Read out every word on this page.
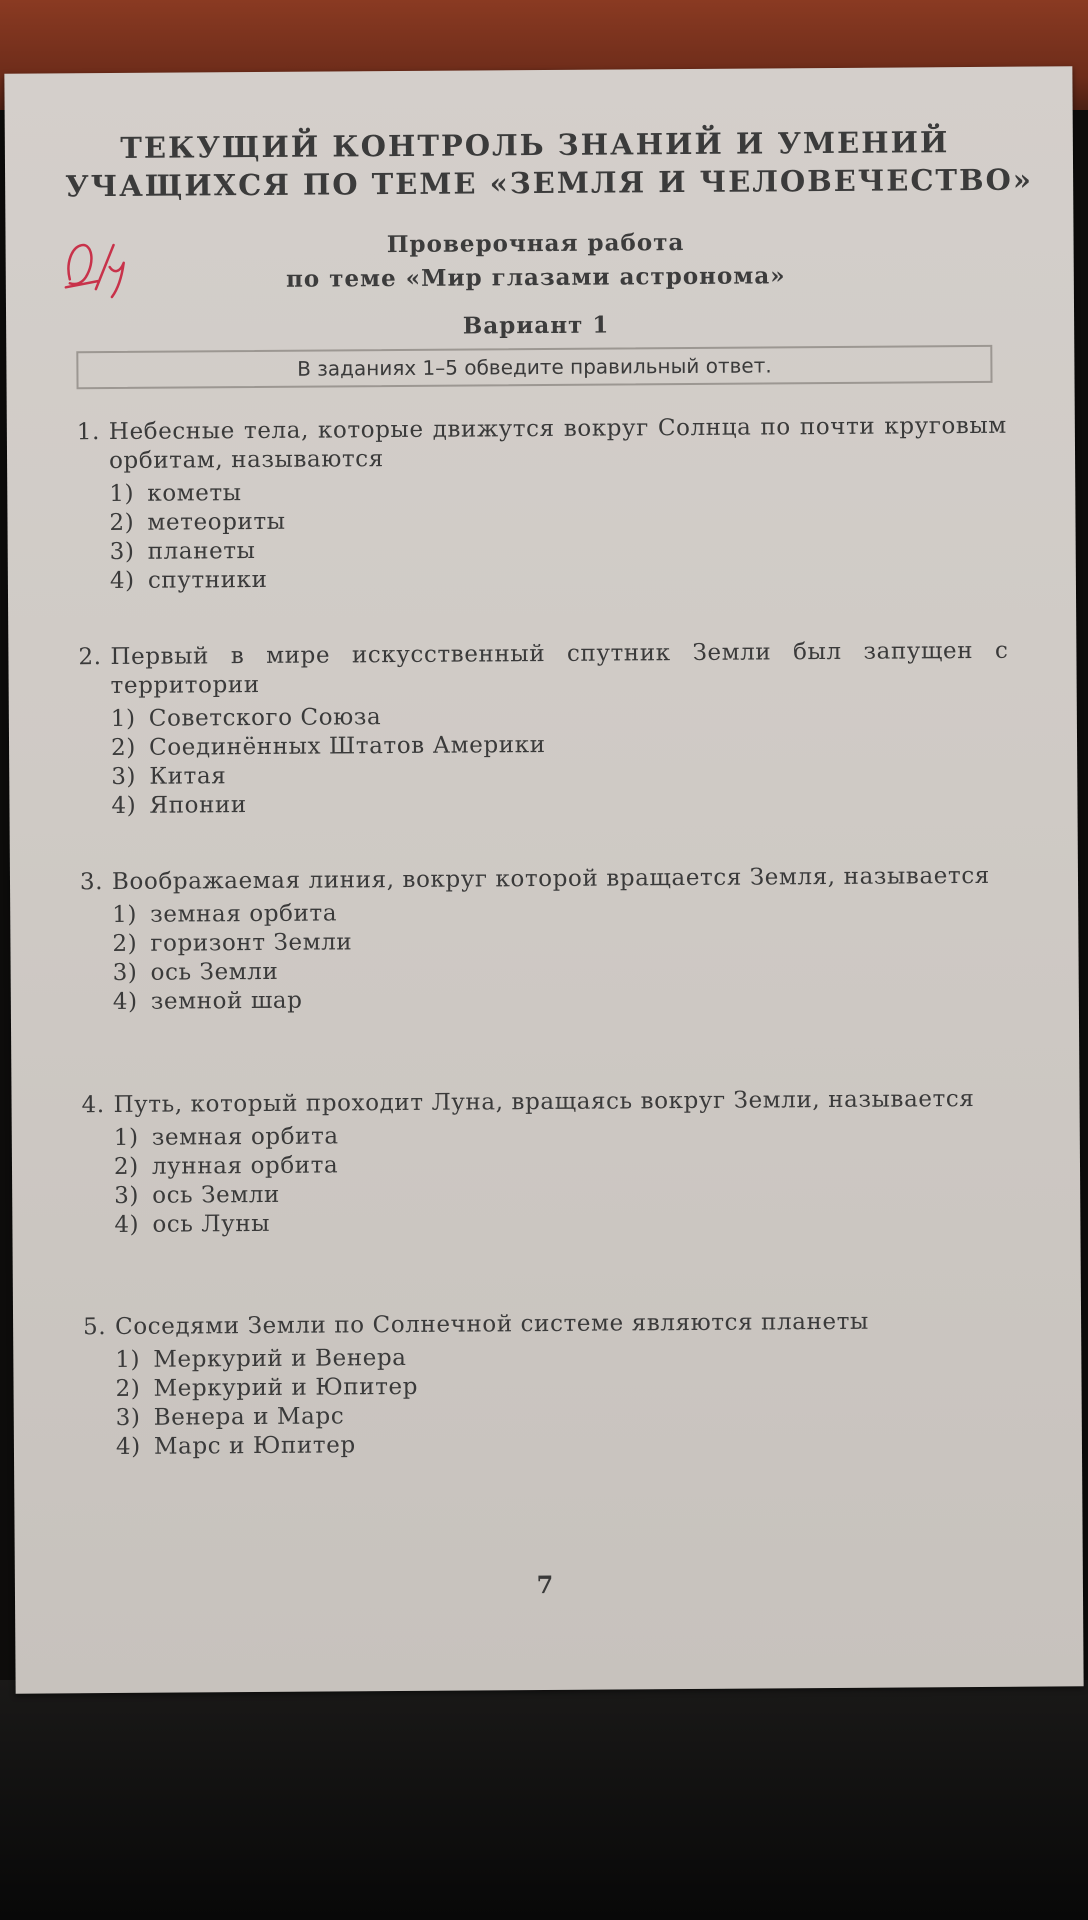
ТЕКУЩИЙ КОНТРОЛЬ ЗНАНИЙ И УМЕНИЙ
УЧАЩИХСЯ ПО ТЕМЕ «ЗЕМЛЯ И ЧЕЛОВЕЧЕСТВО»
Проверочная работа
по теме «Мир глазами астронома»
Вариант 1
В заданиях 1–5 обведите правильный ответ.
1. Небесные тела, которые движутся вокруг Солнца по почти круговым орбитам, называются
1) кометы
2) метеориты
3) планеты
4) спутники
2. Первый в мире искусственный спутник Земли был запущен с территории
1) Советского Союза
2) Соединённых Штатов Америки
3) Китая
4) Японии
3. Воображаемая линия, вокруг которой вращается Земля, называется
1) земная орбита
2) горизонт Земли
3) ось Земли
4) земной шар
4. Путь, который проходит Луна, вращаясь вокруг Земли, называется
1) земная орбита
2) лунная орбита
3) ось Земли
4) ось Луны
5. Соседями Земли по Солнечной системе являются планеты
1) Меркурий и Венера
2) Меркурий и Юпитер
3) Венера и Марс
4) Марс и Юпитер
7
